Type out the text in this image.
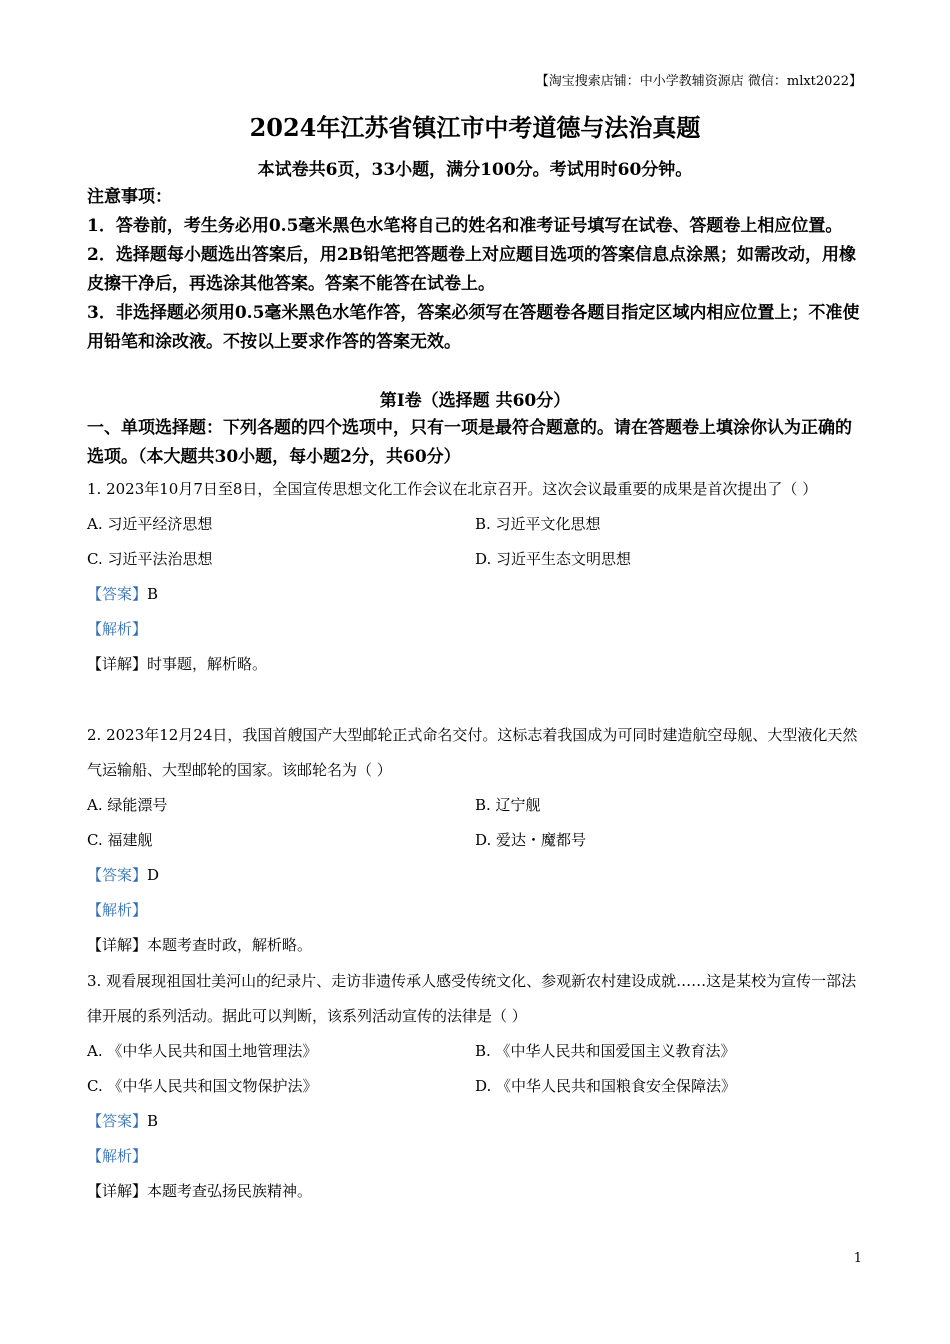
【淘宝搜索店铺：中小学教辅资源店 微信：mlxt2022】
2024年江苏省镇江市中考道德与法治真题
本试卷共6页，33小题，满分100分。考试用时60分钟。

注意事项：

1．答卷前，考生务必用0.5毫米黑色水笔将自己的姓名和准考证号填写在试卷、答题卷上相应位置。

2．选择题每小题选出答案后，用2B铅笔把答题卷上对应题目选项的答案信息点涂黑；如需改动，用橡皮擦干净后，再选涂其他答案。答案不能答在试卷上。

3．非选择题必须用0.5毫米黑色水笔作答，答案必须写在答题卷各题目指定区域内相应位置上；不准使用铅笔和涂改液。不按以上要求作答的答案无效。

第Ⅰ卷（选择题 共60分）
一、单项选择题：下列各题的四个选项中，只有一项是最符合题意的。请在答题卷上填涂你认为正确的选项。（本大题共30小题，每小题2分，共60分）

1. 2023年10月7日至8日，全国宣传思想文化工作会议在北京召开。这次会议最重要的成果是首次提出了（ ）

A. 习近平经济思想	B. 习近平文化思想
C. 习近平法治思想	D. 习近平生态文明思想

【答案】B

【解析】

【详解】时事题，解析略。

2. 2023年12月24日，我国首艘国产大型邮轮正式命名交付。这标志着我国成为可同时建造航空母舰、大型液化天然气运输船、大型邮轮的国家。该邮轮名为（ ）

A. 绿能漂号	B. 辽宁舰
C. 福建舰	D. 爱达・魔都号

【答案】D

【解析】

【详解】本题考查时政，解析略。

3. 观看展现祖国壮美河山的纪录片、走访非遗传承人感受传统文化、参观新农村建设成就……这是某校为宣传一部法律开展的系列活动。据此可以判断，该系列活动宣传的法律是（ ）

A. 《中华人民共和国土地管理法》	B. 《中华人民共和国爱国主义教育法》
C. 《中华人民共和国文物保护法》	D. 《中华人民共和国粮食安全保障法》

【答案】B

【解析】

【详解】本题考查弘扬民族精神。

1
